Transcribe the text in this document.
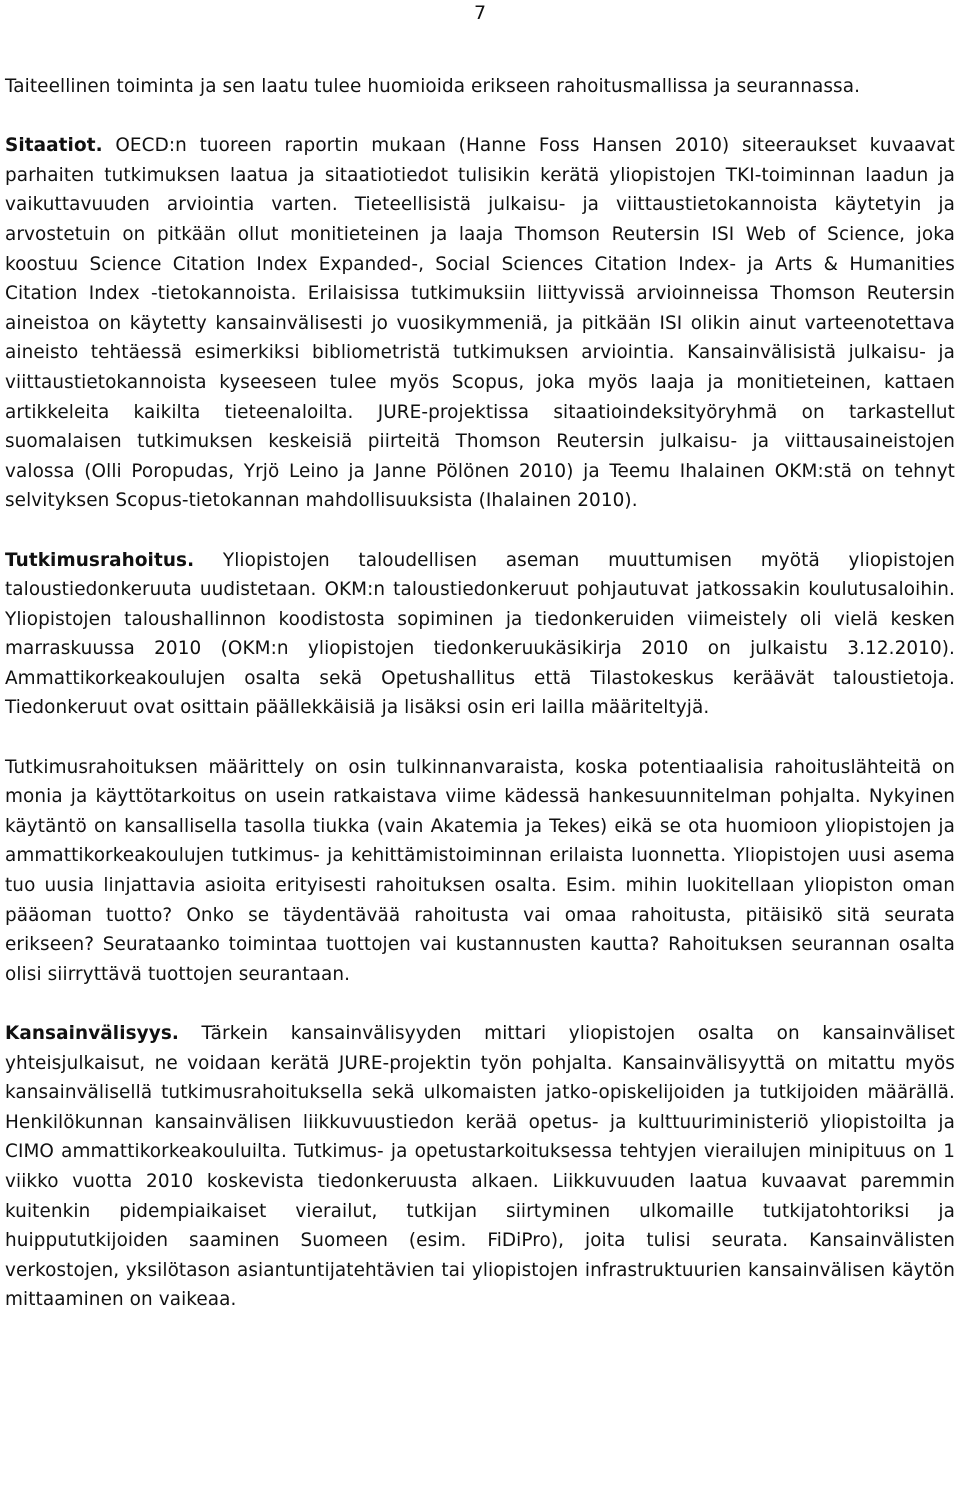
7

Taiteellinen toiminta ja sen laatu tulee huomioida erikseen rahoitusmallissa ja seurannassa.

Sitaatiot. OECD:n tuoreen raportin mukaan (Hanne Foss Hansen 2010) siteeraukset kuvaavat parhaiten tutkimuksen laatua ja sitaatiotiedot tulisikin kerätä yliopistojen TKI-toiminnan laadun ja vaikuttavuuden arviointia varten. Tieteellisistä julkaisu- ja viittaustietokannoista käytetyin ja arvostetuin on pitkään ollut monitieteinen ja laaja Thomson Reutersin ISI Web of Science, joka koostuu Science Citation Index Expanded-, Social Sciences Citation Index- ja Arts & Humanities Citation Index -tietokannoista. Erilaisissa tutkimuksiin liittyvissä arvioinneissa Thomson Reutersin aineistoa on käytetty kansainvälisesti jo vuosikymmeniä, ja pitkään ISI olikin ainut varteenotettava aineisto tehtäessä esimerkiksi bibliometristä tutkimuksen arviointia. Kansainvälisistä julkaisu- ja viittaustietokannoista kyseeseen tulee myös Scopus, joka myös laaja ja monitieteinen, kattaen artikkeleita kaikilta tieteenaloilta. JURE-projektissa sitaatioindeksityöryhmä on tarkastellut suomalaisen tutkimuksen keskeisiä piirteitä Thomson Reutersin julkaisu- ja viittausaineistojen valossa (Olli Poropudas, Yrjö Leino ja Janne Pölönen 2010) ja Teemu Ihalainen OKM:stä on tehnyt selvityksen Scopus-tietokannan mahdollisuuksista (Ihalainen 2010).

Tutkimusrahoitus. Yliopistojen taloudellisen aseman muuttumisen myötä yliopistojen taloustiedonkeruuta uudistetaan. OKM:n taloustiedonkeruut pohjautuvat jatkossakin koulutusaloihin. Yliopistojen taloushallinnon koodistosta sopiminen ja tiedonkeruiden viimeistely oli vielä kesken marraskuussa 2010 (OKM:n yliopistojen tiedonkeruukäsikirja 2010 on julkaistu 3.12.2010). Ammattikorkeakoulujen osalta sekä Opetushallitus että Tilastokeskus keräävät taloustietoja. Tiedonkeruut ovat osittain päällekkäisiä ja lisäksi osin eri lailla määriteltyjä.

Tutkimusrahoituksen määrittely on osin tulkinnanvaraista, koska potentiaalisia rahoituslähteitä on monia ja käyttötarkoitus on usein ratkaistava viime kädessä hankesuunnitelman pohjalta. Nykyinen käytäntö on kansallisella tasolla tiukka (vain Akatemia ja Tekes) eikä se ota huomioon yliopistojen ja ammattikorkeakoulujen tutkimus- ja kehittämistoiminnan erilaista luonnetta. Yliopistojen uusi asema tuo uusia linjattavia asioita erityisesti rahoituksen osalta. Esim. mihin luokitellaan yliopiston oman pääoman tuotto? Onko se täydentävää rahoitusta vai omaa rahoitusta, pitäisikö sitä seurata erikseen? Seurataanko toimintaa tuottojen vai kustannusten kautta? Rahoituksen seurannan osalta olisi siirryttävä tuottojen seurantaan.

Kansainvälisyys. Tärkein kansainvälisyyden mittari yliopistojen osalta on kansainväliset yhteisjulkaisut, ne voidaan kerätä JURE-projektin työn pohjalta. Kansainvälisyyttä on mitattu myös kansainvälisellä tutkimusrahoituksella sekä ulkomaisten jatko-opiskelijoiden ja tutkijoiden määrällä. Henkilökunnan kansainvälisen liikkuvuustiedon kerää opetus- ja kulttuuriministeriö yliopistoilta ja CIMO ammattikorkeakouluilta. Tutkimus- ja opetustarkoituksessa tehtyjen vierailujen minipituus on 1 viikko vuotta 2010 koskevista tiedonkeruusta alkaen. Liikkuvuuden laatua kuvaavat paremmin kuitenkin pidempiaikaiset vierailut, tutkijan siirtyminen ulkomaille tutkijatohtoriksi ja huippututkijoiden saaminen Suomeen (esim. FiDiPro), joita tulisi seurata. Kansainvälisten verkostojen, yksilötason asiantuntijatehtävien tai yliopistojen infrastruktuurien kansainvälisen käytön mittaaminen on vaikeaa.
